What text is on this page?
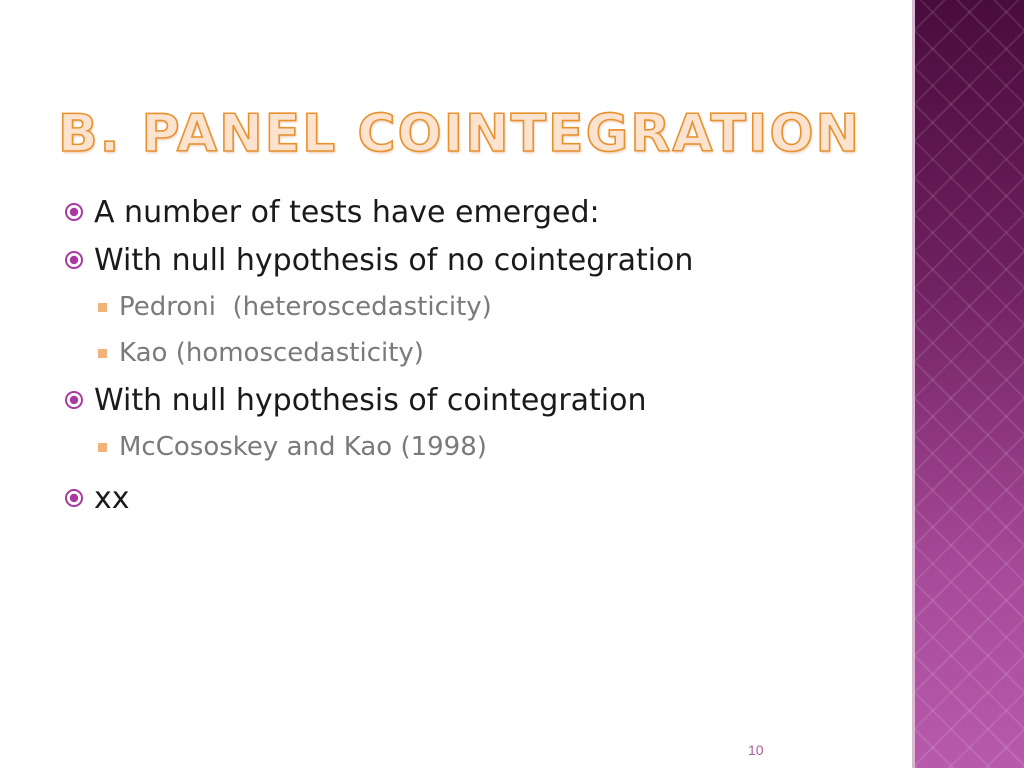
B. PANEL COINTEGRATION
A number of tests have emerged:
With null hypothesis of no cointegration
Pedroni  (heteroscedasticity)
Kao (homoscedasticity)
With null hypothesis of cointegration
McCososkey and Kao (1998)
xx
10
